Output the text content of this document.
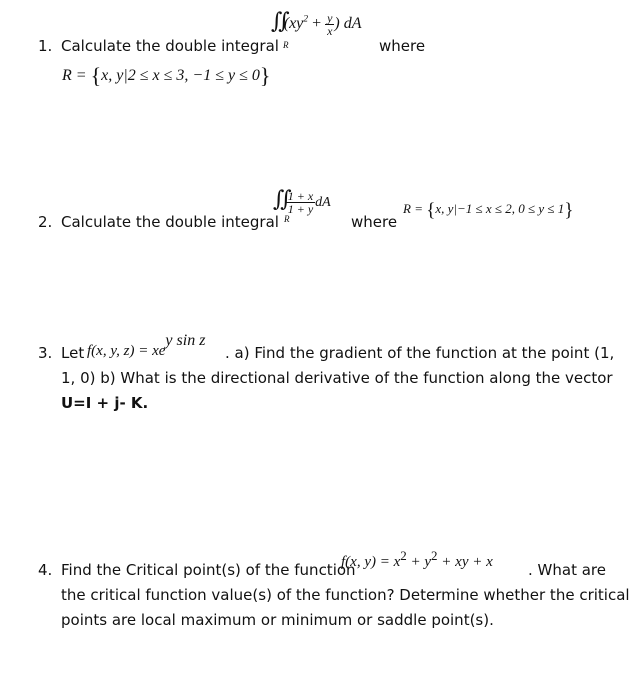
1. Calculate the double integral
$∬(xy^2 + \frac{y}{x}$ ) dA
R	where
R = {x, y|2 ≤ x ≤ 3, −1 ≤ y ≤ 0}
2. Calculate the double integral
∬ $\frac{1 + x}{1 + y}$ dA
R	where
R = {x, y|−1 ≤ x ≤ 2, 0 ≤ y ≤ 1}
3. Let f(x, y, z) = xey sin z
. a) Find the gradient of the function at the point (1,
1, 0) b) What is the directional derivative of the function along the vector
U=I + j- K.
4. Find the Critical point(s) of the function
f(x, $y) = x^2 + y^2$ + xy + x . What are
the critical function value(s) of the function? Determine whether the critical
points are local maximum or minimum or saddle point(s).
